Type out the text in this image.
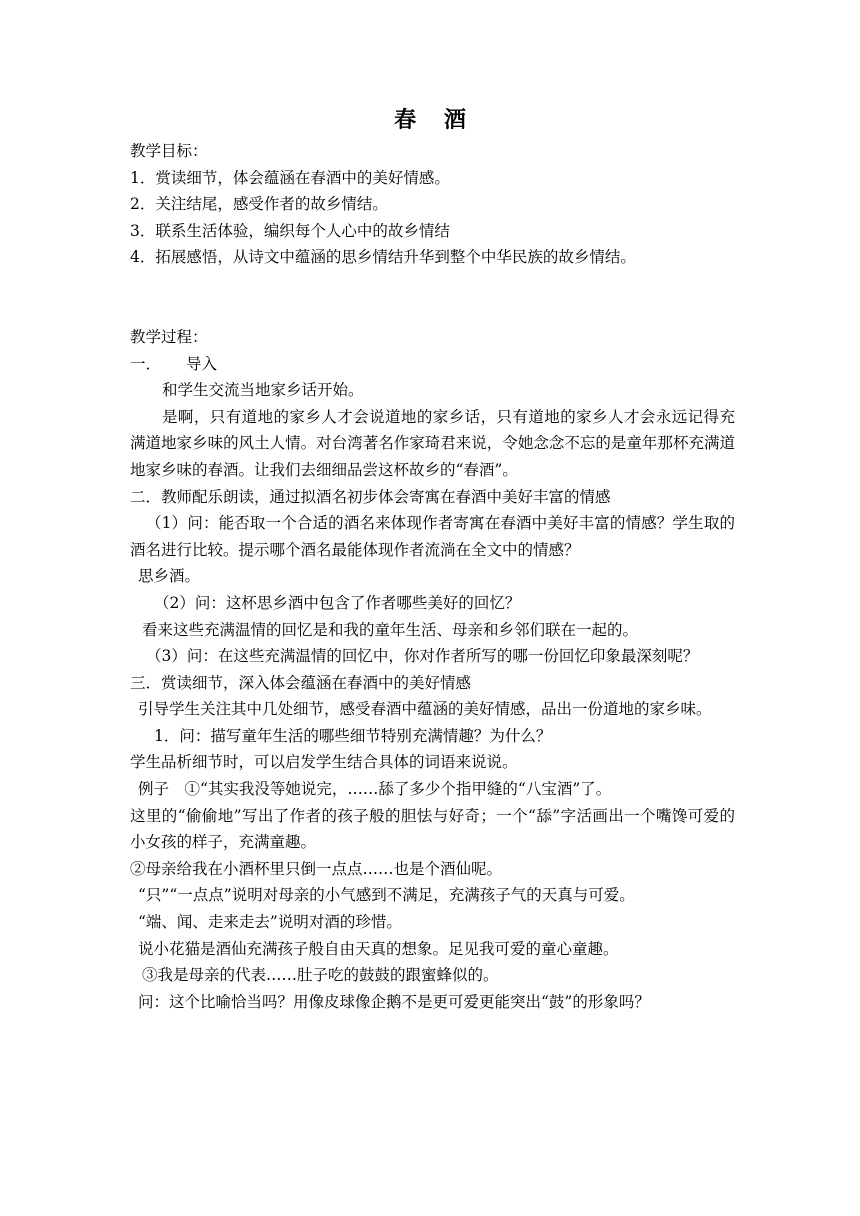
春 酒
教学目标：
1．赏读细节，体会蕴涵在春酒中的美好情感。
2．关注结尾，感受作者的故乡情结。
3．联系生活体验，编织每个人心中的故乡情结
4．拓展感悟，从诗文中蕴涵的思乡情结升华到整个中华民族的故乡情结。
教学过程：
一． 导入
和学生交流当地家乡话开始。
是啊，只有道地的家乡人才会说道地的家乡话，只有道地的家乡人才会永远记得充满道地家乡味的风土人情。对台湾著名作家琦君来说，令她念念不忘的是童年那杯充满道地家乡味的春酒。让我们去细细品尝这杯故乡的“春酒”。
二．教师配乐朗读，通过拟酒名初步体会寄寓在春酒中美好丰富的情感
（1）问：能否取一个合适的酒名来体现作者寄寓在春酒中美好丰富的情感？学生取的酒名进行比较。提示哪个酒名最能体现作者流淌在全文中的情感？
思乡酒。
（2）问：这杯思乡酒中包含了作者哪些美好的回忆？
看来这些充满温情的回忆是和我的童年生活、母亲和乡邻们联在一起的。
（3）问：在这些充满温情的回忆中，你对作者所写的哪一份回忆印象最深刻呢？
三．赏读细节，深入体会蕴涵在春酒中的美好情感
引导学生关注其中几处细节，感受春酒中蕴涵的美好情感，品出一份道地的家乡味。
1．问：描写童年生活的哪些细节特别充满情趣？为什么？
学生品析细节时，可以启发学生结合具体的词语来说说。
例子　①“其实我没等她说完，……舔了多少个指甲缝的“八宝酒”了。
这里的“偷偷地”写出了作者的孩子般的胆怯与好奇；一个“舔”字活画出一个嘴馋可爱的小女孩的样子，充满童趣。
②母亲给我在小酒杯里只倒一点点……也是个酒仙呢。
“只”“一点点”说明对母亲的小气感到不满足，充满孩子气的天真与可爱。
“端、闻、走来走去”说明对酒的珍惜。
说小花猫是酒仙充满孩子般自由天真的想象。足见我可爱的童心童趣。
③我是母亲的代表……肚子吃的鼓鼓的跟蜜蜂似的。
问：这个比喻恰当吗？用像皮球像企鹅不是更可爱更能突出“鼓”的形象吗？
